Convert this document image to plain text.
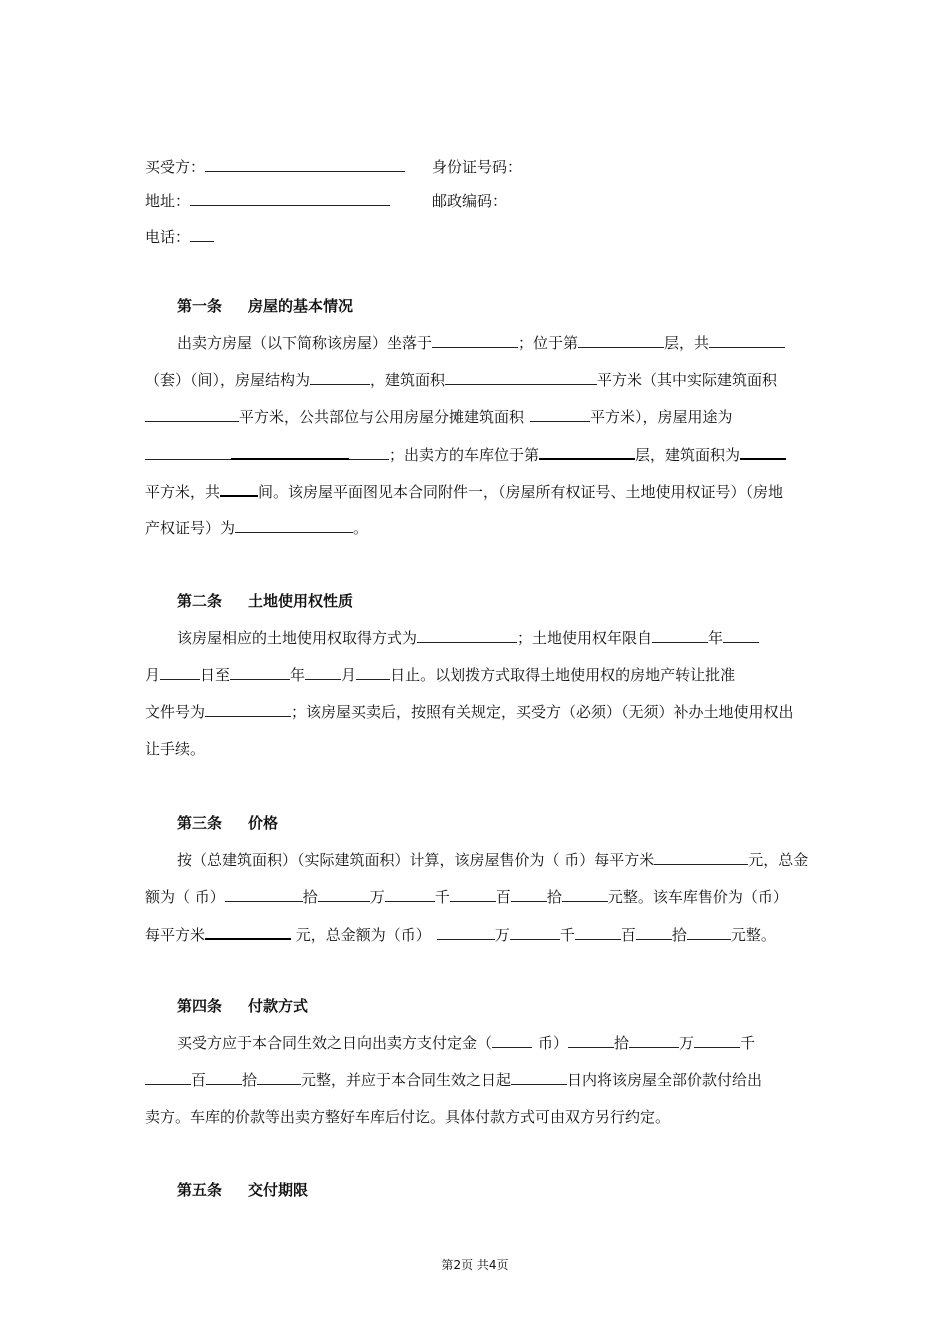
买受方：	身份证号码：
地址：	邮政编码：
电话：
第一条 房屋的基本情况
出卖方房屋（以下简称该房屋）坐落于	；位于第	层，共
（套）（间），房屋结构为	，建筑面积	平方米（其中实际建筑面积
平方米，公共部位与公用房屋分摊建筑面积	平方米），房屋用途为
；出卖方的车库位于第	层，建筑面积为
平方米，共	间。该房屋平面图见本合同附件一，（房屋所有权证号、土地使用权证号）（房地
产权证号）为	。
第二条 土地使用权性质
该房屋相应的土地使用权取得方式为	；土地使用权年限自	年
月	日至	年 月 日止。以划拨方式取得土地使用权的房地产转让批准
文件号为	；该房屋买卖后，按照有关规定，买受方（必须）（无须）补办土地使用权出
让手续。
第三条 价格
按（总建筑面积）（实际建筑面积）计算，该房屋售价为（ 币）每平方米	元，总金
额为（ 币）	拾	万	千	百 拾	元整。该车库售价为（币）
每平方米	元，总金额为（币）	万	千	百 拾	元整。
第四条 付款方式
买受方应于本合同生效之日向出卖方支付定金（	币）	拾	万	千
百 拾	元整，并应于本合同生效之日起	日内将该房屋全部价款付给出
卖方。车库的价款等出卖方整好车库后付讫。具体付款方式可由双方另行约定。
第五条 交付期限
第2页 共4页
